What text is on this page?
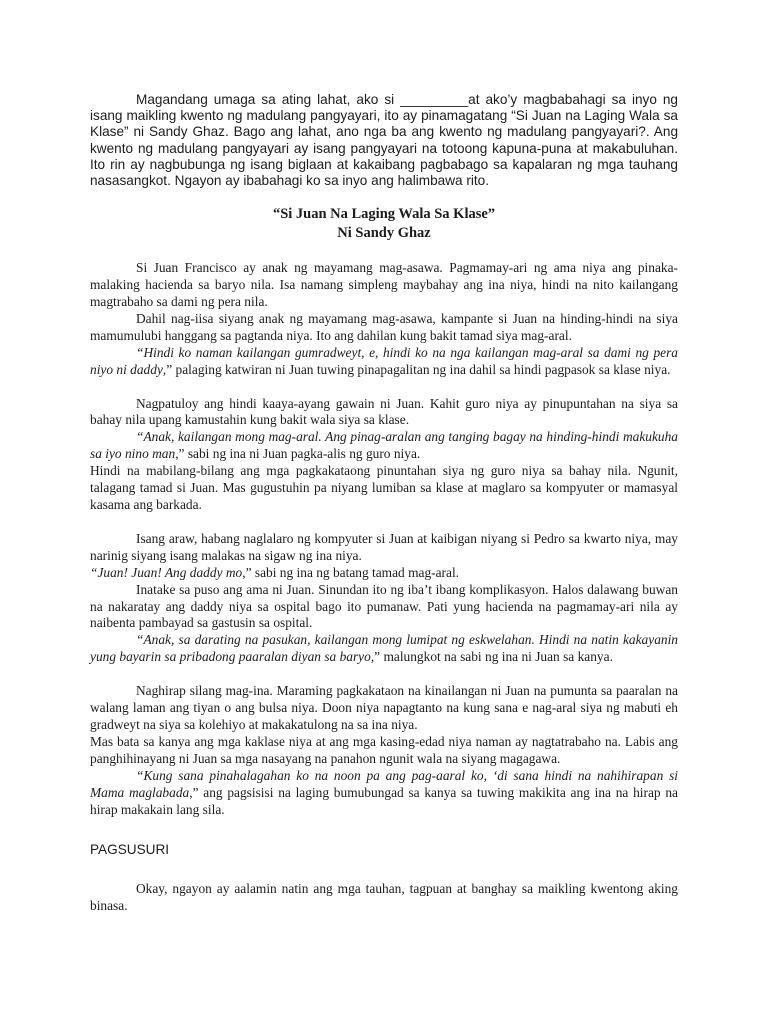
Magandang umaga sa ating lahat, ako si _________at ako’y magbabahagi sa inyo ng isang maikling kwento ng madulang pangyayari, ito ay pinamagatang “Si Juan na Laging Wala sa Klase” ni Sandy Ghaz. Bago ang lahat, ano nga ba ang kwento ng madulang pangyayari?. Ang kwento ng madulang pangyayari ay isang pangyayari na totoong kapuna-puna at makabuluhan. Ito rin ay nagbubunga ng isang biglaan at kakaibang pagbabago sa kapalaran ng mga tauhang nasasangkot. Ngayon ay ibabahagi ko sa inyo ang halimbawa rito.

“Si Juan Na Laging Wala Sa Klase”
Ni Sandy Ghaz

Si Juan Francisco ay anak ng mayamang mag-asawa. Pagmamay-ari ng ama niya ang pinaka-malaking hacienda sa baryo nila. Isa namang simpleng maybahay ang ina niya, hindi na nito kailangang magtrabaho sa dami ng pera nila.

Dahil nag-iisa siyang anak ng mayamang mag-asawa, kampante si Juan na hinding-hindi na siya mamumulubi hanggang sa pagtanda niya. Ito ang dahilan kung bakit tamad siya mag-aral.

“Hindi ko naman kailangan gumradweyt, e, hindi ko na nga kailangan mag-aral sa dami ng pera niyo ni daddy,” palaging katwiran ni Juan tuwing pinapagalitan ng ina dahil sa hindi pagpasok sa klase niya.

Nagpatuloy ang hindi kaaya-ayang gawain ni Juan. Kahit guro niya ay pinupuntahan na siya sa bahay nila upang kamustahin kung bakit wala siya sa klase.

“Anak, kailangan mong mag-aral. Ang pinag-aralan ang tanging bagay na hinding-hindi makukuha sa iyo nino man,” sabi ng ina ni Juan pagka-alis ng guro niya.

Hindi na mabilang-bilang ang mga pagkakataong pinuntahan siya ng guro niya sa bahay nila. Ngunit, talagang tamad si Juan. Mas gugustuhin pa niyang lumiban sa klase at maglaro sa kompyuter or mamasyal kasama ang barkada.

Isang araw, habang naglalaro ng kompyuter si Juan at kaibigan niyang si Pedro sa kwarto niya, may narinig siyang isang malakas na sigaw ng ina niya.

“Juan! Juan! Ang daddy mo,” sabi ng ina ng batang tamad mag-aral.

Inatake sa puso ang ama ni Juan. Sinundan ito ng iba’t ibang komplikasyon. Halos dalawang buwan na nakaratay ang daddy niya sa ospital bago ito pumanaw. Pati yung hacienda na pagmamay-ari nila ay naibenta pambayad sa gastusin sa ospital.

“Anak, sa darating na pasukan, kailangan mong lumipat ng eskwelahan. Hindi na natin kakayanin yung bayarin sa pribadong paaralan diyan sa baryo,” malungkot na sabi ng ina ni Juan sa kanya.

Naghirap silang mag-ina. Maraming pagkakataon na kinailangan ni Juan na pumunta sa paaralan na walang laman ang tiyan o ang bulsa niya. Doon niya napagtanto na kung sana e nag-aral siya ng mabuti eh gradweyt na siya sa kolehiyo at makakatulong na sa ina niya.

Mas bata sa kanya ang mga kaklase niya at ang mga kasing-edad niya naman ay nagtatrabaho na. Labis ang panghihinayang ni Juan sa mga nasayang na panahon ngunit wala na siyang magagawa.

“Kung sana pinahalagahan ko na noon pa ang pag-aaral ko, ‘di sana hindi na nahihirapan si Mama maglabada,” ang pagsisisi na laging bumubungad sa kanya sa tuwing makikita ang ina na hirap na hirap makakain lang sila.

PAGSUSURI

Okay, ngayon ay aalamin natin ang mga tauhan, tagpuan at banghay sa maikling kwentong aking binasa.
